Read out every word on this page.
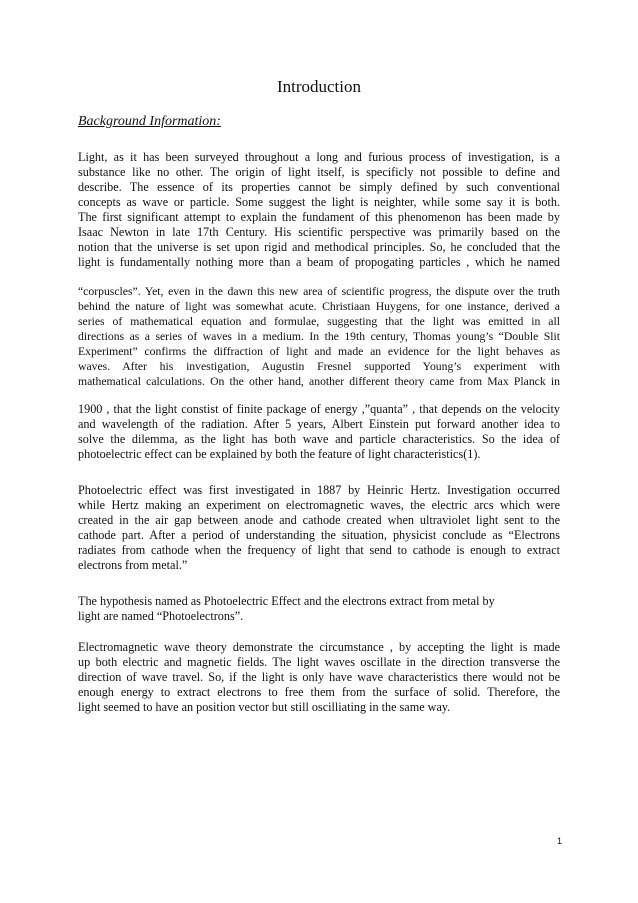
Introduction
Background Information:
Light, as it has been surveyed throughout a long and furious process of investigation, is a
substance like no other. The origin of light itself, is specificly not possible to define and
describe. The essence of its properties cannot be simply defined by such conventional
concepts as wave or particle. Some suggest the light is neighter, while some say it is both.
The first significant attempt to explain the fundament of this phenomenon has been made by
Isaac Newton in late 17th Century. His scientific perspective was primarily based on the
notion that the universe is set upon rigid and methodical principles. So, he concluded that the
light is fundamentally nothing more than a beam of propogating particles , which he named
“corpuscles”. Yet, even in the dawn this new area of scientific progress, the dispute over the truth
behind the nature of light was somewhat acute. Christiaan Huygens, for one instance, derived a
series of mathematical equation and formulae, suggesting that the light was emitted in all
directions as a series of waves in a medium. In the 19th century, Thomas young’s “Double Slit
Experiment” confirms the diffraction of light and made an evidence for the light behaves as
waves. After his investigation, Augustin Fresnel supported Young’s experiment with
mathematical calculations. On the other hand, another different theory came from Max Planck in
1900 , that the light constist of finite package of energy ,”quanta” , that depends on the velocity
and wavelength of the radiation. After 5 years, Albert Einstein put forward another idea to
solve the dilemma, as the light has both wave and particle characteristics. So the idea of
photoelectric effect can be explained by both the feature of light characteristics(1).
Photoelectric effect was first investigated in 1887 by Heinric Hertz. Investigation occurred
while Hertz making an experiment on electromagnetic waves, the electric arcs which were
created in the air gap between anode and cathode created when ultraviolet light sent to the
cathode part. After a period of understanding the situation, physicist conclude as “Electrons
radiates from cathode when the frequency of light that send to cathode is enough to extract
electrons from metal.”
The hypothesis named as Photoelectric Effect and the electrons extract from metal by
light are named “Photoelectrons”.
Electromagnetic wave theory demonstrate the circumstance , by accepting the light is made
up both electric and magnetic fields. The light waves oscillate in the direction transverse the
direction of wave travel. So, if the light is only have wave characteristics there would not be
enough energy to extract electrons to free them from the surface of solid. Therefore, the
light seemed to have an position vector but still oscilliating in the same way.
1
